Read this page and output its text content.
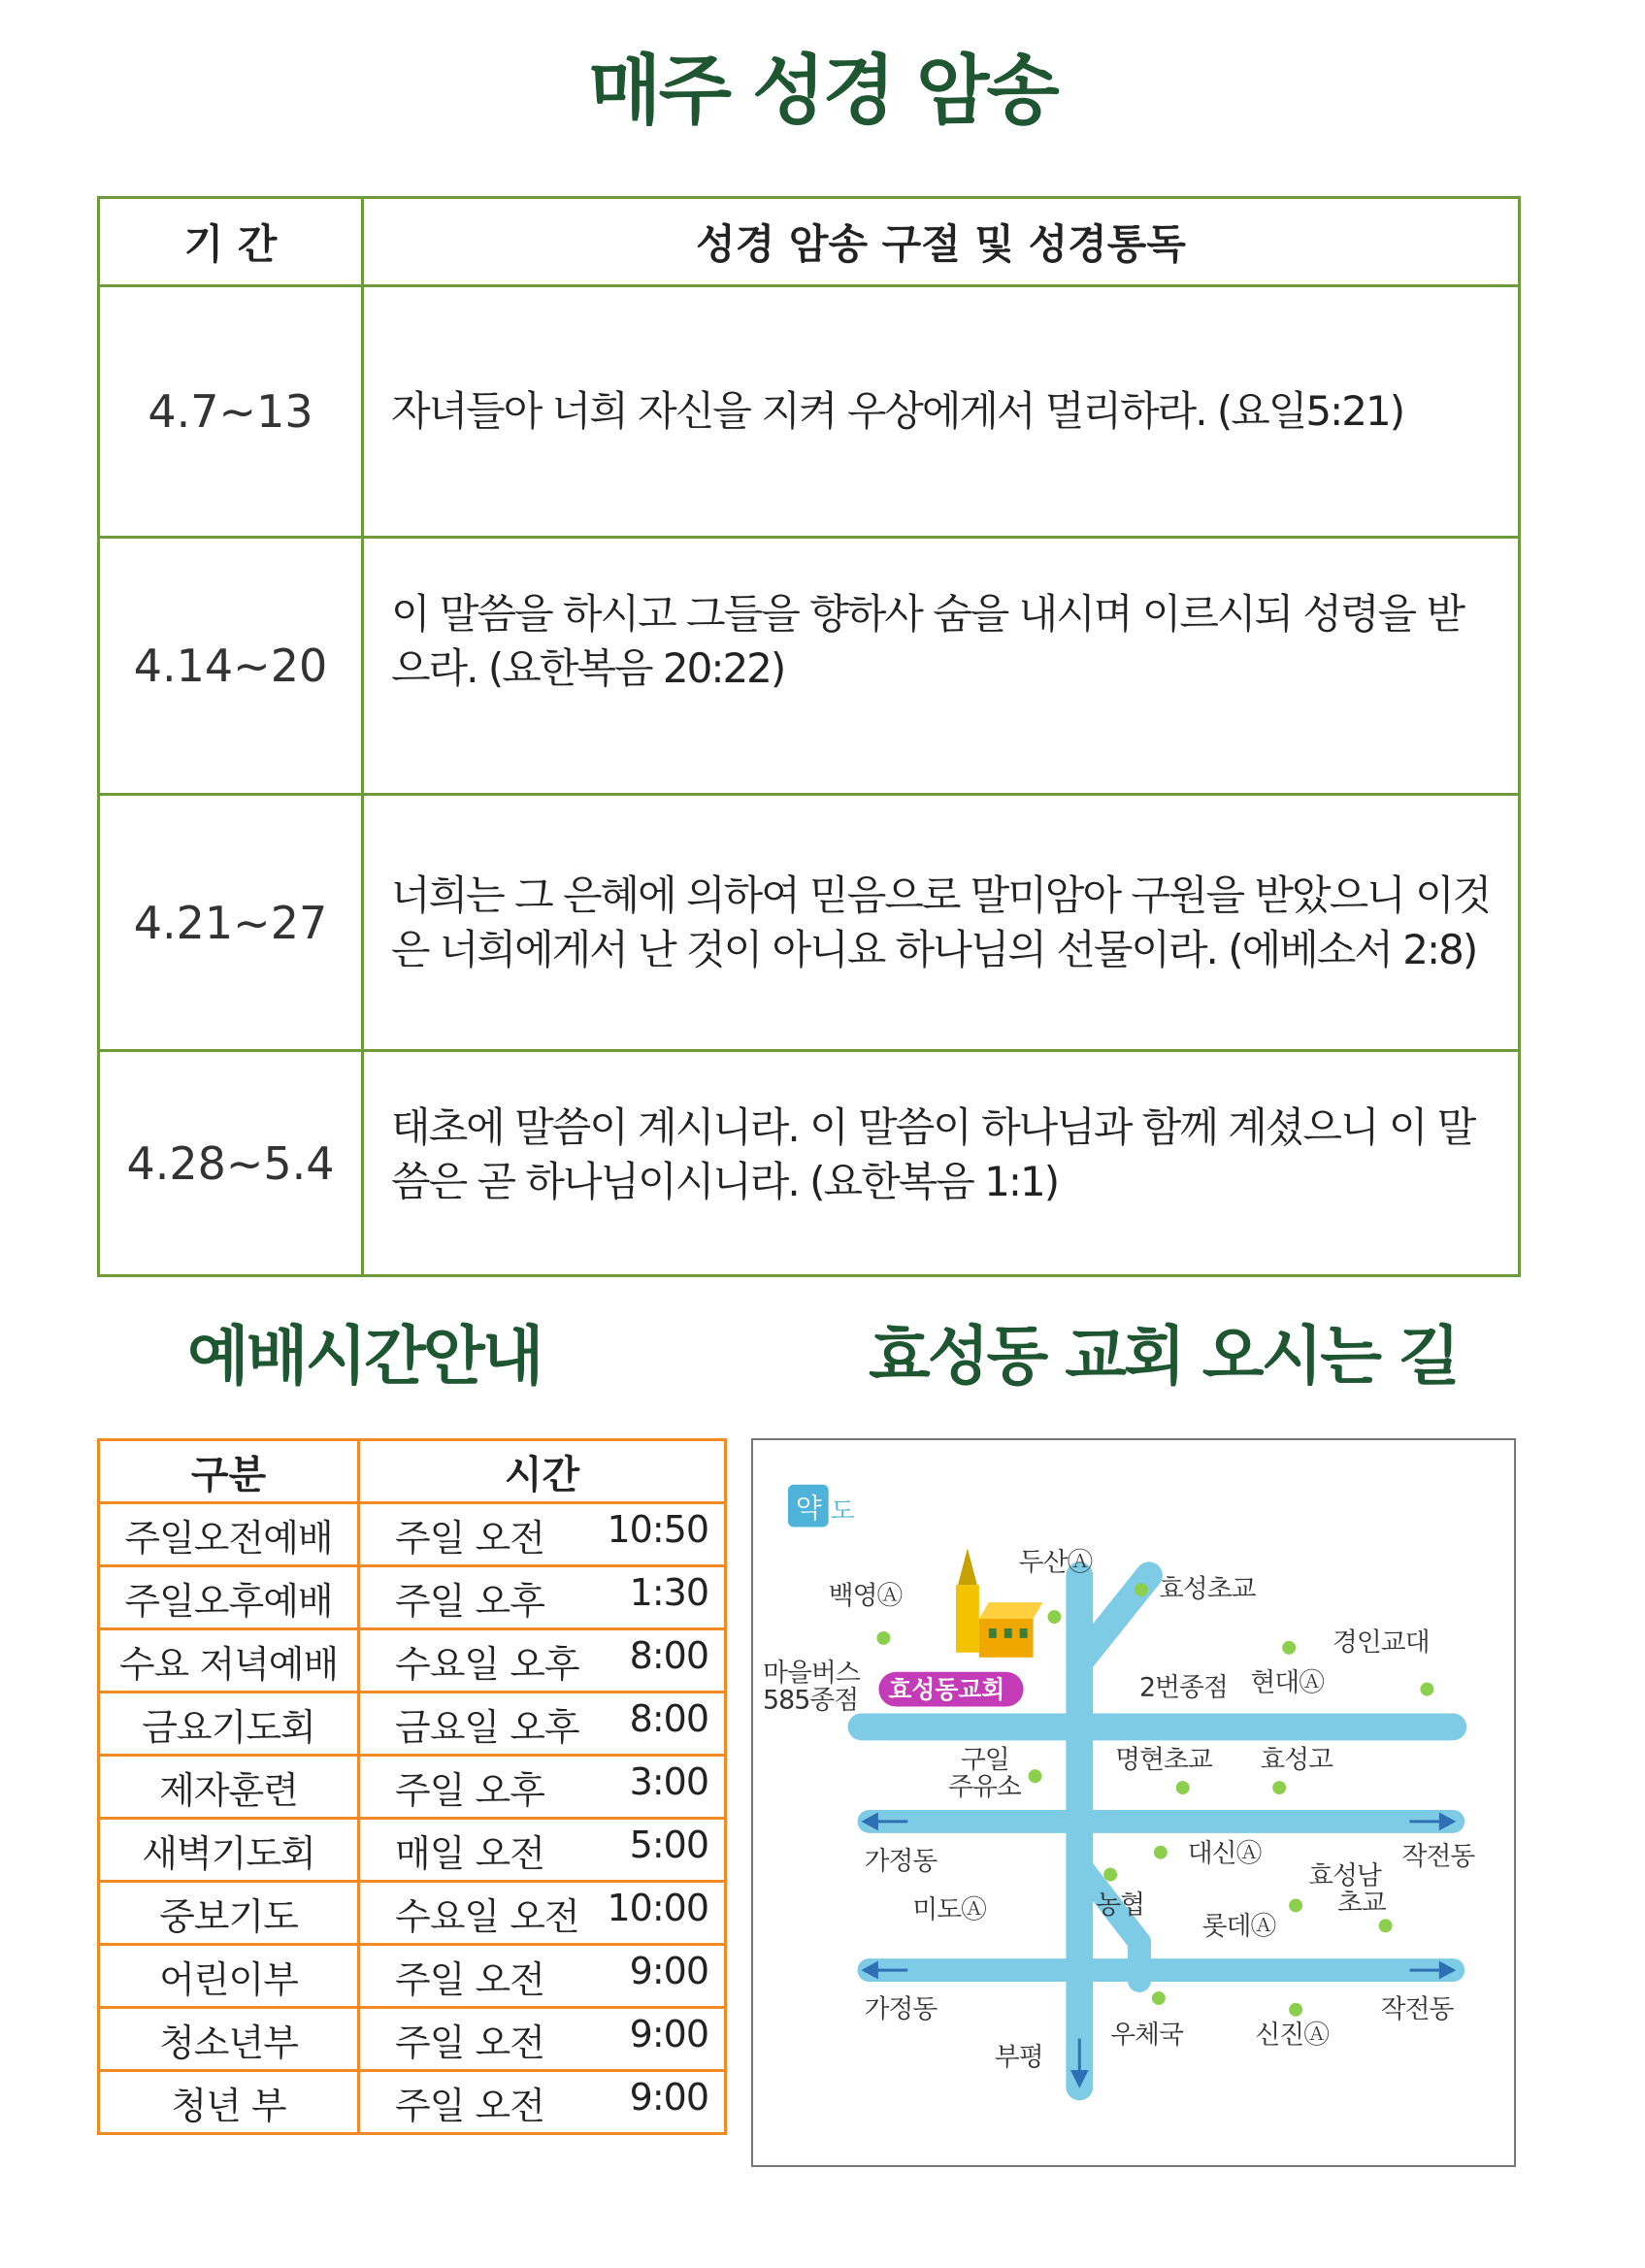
매주 성경 암송
기 간	성경 암송 구절 및 성경통독
4.7~13	자녀들아 너희 자신을 지켜 우상에게서 멀리하라. (요일5:21)
4.14~20	이 말씀을 하시고 그들을 향하사 숨을 내시며 이르시되 성령을 받으라. (요한복음 20:22)
4.21~27	너희는 그 은혜에 의하여 믿음으로 말미암아 구원을 받았으니 이것은 너희에게서 난 것이 아니요 하나님의 선물이라. (에베소서 2:8)
4.28~5.4	태초에 말씀이 계시니라. 이 말씀이 하나님과 함께 계셨으니 이 말씀은 곧 하나님이시니라. (요한복음 1:1)
예배시간안내	효성동 교회 오시는 길
구분	시간
주일오전예배	주일 오전 10:50

주일오후예배	주일 오후 1:30

수요 저녁예배	수요일 오후 8:00

금요기도회	금요일 오후 8:00

제자훈련	주일 오후 3:00

새벽기도회	매일 오전 5:00

중보기도	수요일 오전 10:00

어린이부	주일 오전 9:00

청소년부	주일 오전 9:00

청년 부	주일 오전 9:00
약 도
효성동교회
두산Ⓐ
효성초교
백영Ⓐ
경인교대
현대Ⓐ
마을버스
585종점	2번종점
구일
주유소
명현초교 효성고
가정동	대신Ⓐ	작전동
효성남
초교
미도Ⓐ	농협
롯데Ⓐ
가정동	작전동
우체국	신진Ⓐ
부평
